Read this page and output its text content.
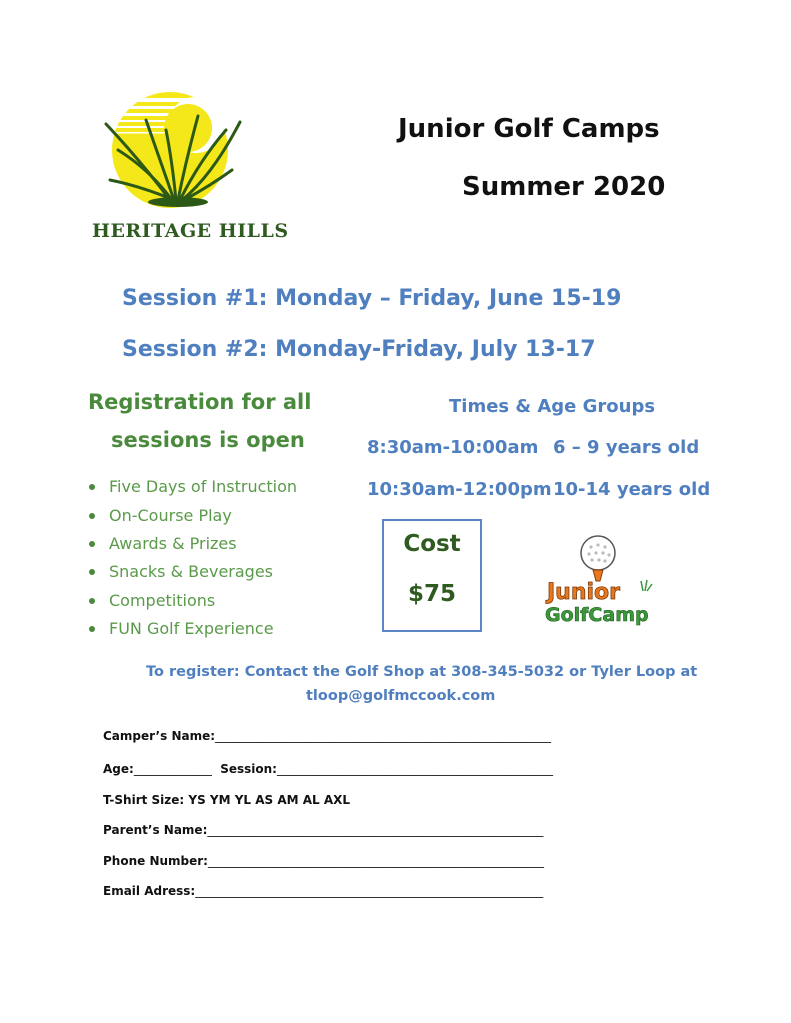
HERITAGE HILLS
Junior Golf Camps
Summer 2020
Session #1: Monday – Friday, June 15-19
Session #2: Monday-Friday, July 13-17
Registration for all
sessions is open
Five Days of Instruction
On-Course Play
Awards & Prizes
Snacks & Beverages
Competitions
FUN Golf Experience
Times & Age Groups
8:30am-10:00am 6 – 9 years old
10:30am-12:00pm 10-14 years old
Cost
$75	Junior
GolfCamp
To register: Contact the Golf Shop at 308-345-5032 or Tyler Loop at
tloop@golfmccook.com
Camper’s Name:________________________________________________________
Age:_____________ Session:______________________________________________
T-Shirt Size: YS YM YL AS AM AL AXL
Parent’s Name:________________________________________________________
Phone Number:________________________________________________________
Email Adress:__________________________________________________________
